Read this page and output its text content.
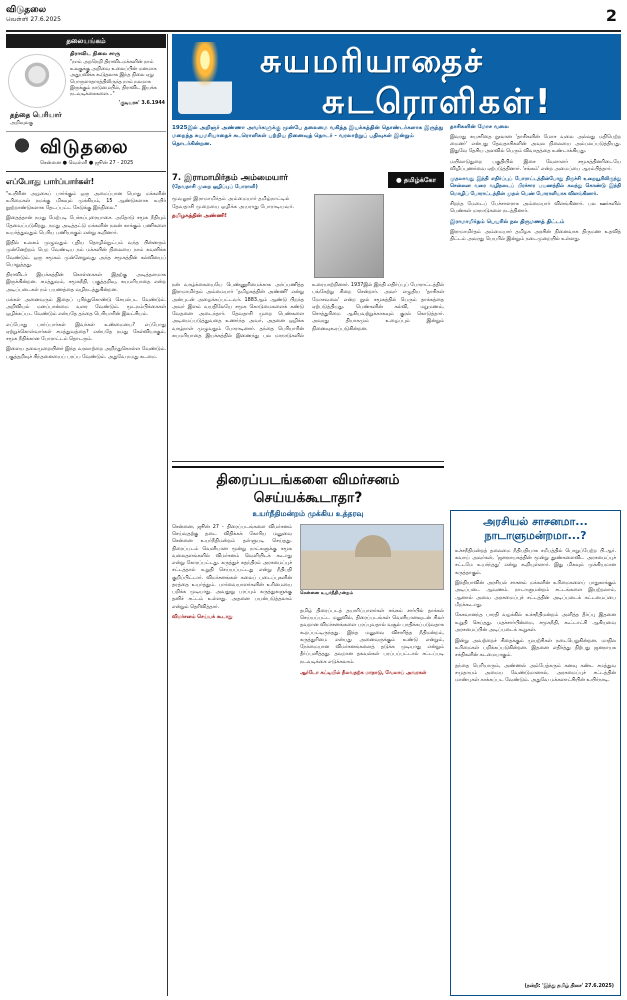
விடுதலை
வெள்ளி 27.6.2025	2
தலையங்கம்
திராவிட நிலை சாரு
"நாம் அறநெறி திராவிடமக்களின் நாம் உலகுக்கு அறிவை உலைப்பின் மனமாக அதுபவிக்க கூடுதலாக இந்த நிலை ஏறு பொருளாதாரத்திலிருந்த நாம் நலமாக இருக்கும் நாடுமையில், திராவிட இயக்க நடவடிக்கைகளை..."
'குடியரசு' 3.6.1944
தந்தை பெரியார்
அறிவுலகு
விடுதலை
சென்னை ● வெள்ளி ● ஜூன் 27 - 2025
எப்போது பார்ப்பார்கள்!

"உயிரின அழகைப் பார்க்கும் ஒரு அமைப்பான பொது மக்களின் உரிமைகள் நமக்கு மிகவும் முக்கியம், 15 ஆண்டுகளாக உயிர் நூற்றாண்டுகளாக தேடப்பட்ட கேடுக்கு இந்நிலை."

இதைத்தான் நமது மேற்படி பேச்சுப்புரையாசை. அதோடு சமூக நீதியும் தேவைப்படுகிறது. நமது அடித்தட்டு மக்களின் நலன் காக்கும் பணிகளை உயர்த்துவதும் பெரிய பணியாகும் என்று கூறினார்.

இதில் உலகம் முழுவதும் புதிய தொழில்நுட்பம் வந்த பின்னரும் முன்னேற்றம் பெற வேண்டிய நம் மக்களின் நிலையை நாம் கவனிக்க வேண்டும். ஒரு சமூகம் முன்னேறுவது அந்த சமூகத்தின் கல்வியைப் பொறுத்தது.

திராவிடர் இயக்கத்தின் கொள்கைகள் இதற்கு அடித்தளமாக இருக்கின்றன. சமத்துவம், சமூகநீதி, பகுத்தறிவு, சுயமரியாதை என்ற அடிப்படைகள் நம் பயணத்தை வழிநடத்துகின்றன.

மக்கள் அனைவரும் இதைப் புரிந்துகொண்டு செயல்பட வேண்டும். அறிவியல் மனப்பான்மை வளர வேண்டும். மூடநம்பிக்கைகள் ஒழிக்கப்பட வேண்டும் என்பதே தந்தை பெரியாரின் இலட்சியம்.

எப்போது பார்ப்பார்கள் இவர்கள் உண்மையை? எப்போது ஏற்றுக்கொள்வார்கள் சமத்துவத்தை? என்பதே நமது கேள்வியாகும். சமூக நீதிக்கான போராட்டம் தொடரும்.

இளைய தலைமுறையினர் இந்த வரலாற்றை அறிந்துகொள்ள வேண்டும். பகுத்தறிவுச் சிந்தனையைப் பரப்ப வேண்டும். அதுவே நமது கடமை.

சுயமரியாதைச்
சுடரொளிகள்!
1925இல் அறிஞர் அண்ணா அவர்களுக்கு முன்பே தலைமை வகித்த இயக்கத்தின் தொண்டர்களாக இருந்து மறைந்த சுயமரியாதைச் சுடரொளிகள் பற்றிய நினைவுத் தொடர் - வரலாற்றுப் பதிவுகள் இன்றும் தொடர்கின்றன.
7. இராமாமிர்தம் அம்மையார்
(தேவதாசி முறை ஒழிப்புப் போராளி)
● தமிழ்க்கோ
மூவலூர் இராமாமிர்தம் அம்மையார் தமிழ்நாட்டில் தேவதாசி முறையை ஒழிக்க அயராது போராடியவர்.
தமிழகத்தின் அண்ணி!
நன் வாழ்க்கையையே பெண்ணுரிமைக்காக அர்ப்பணித்த இராமாமிர்தம் அம்மையார் 'தமிழகத்தின் அண்ணி' என்று அன்புடன் அழைக்கப்பட்டவர். 1883ஆம் ஆண்டு பிறந்த அவர் இளம் வயதிலேயே சமூக கொடுமைகளைக் கண்டு வேதனை அடைந்தார். தேவதாசி முறை பெண்களை அடிமைப்படுத்துவதை உணர்ந்த அவர், அதனை ஒழிக்க வாழ்நாள் முழுவதும் போராடினார். தந்தை பெரியாரின் சுயமரியாதை இயக்கத்தில் இணைந்து பல மாநாடுகளில் உரையாற்றினார். 1937இல் இந்தி எதிர்ப்புப் போராட்டத்தில் பங்கேற்று சிறை சென்றார். அவர் எழுதிய 'தாசிகள் மோசவலை' என்ற நூல் சமூகத்தில் பெரும் தாக்கத்தை ஏற்படுத்தியது. பெண்களின் கல்வி, மறுமணம், சொத்துரிமை ஆகியவற்றுக்காகவும் குரல் கொடுத்தார். அவரது தியாகமும் உழைப்பும் இன்றும் நினைவுகூரப்படுகின்றன.
தாசிகளின் மோச வலை

இவரது சுயசரிதை நூலான 'தாசிகளின் மோச வலை அல்லது மதிபெற்ற மைனர்' என்பது தேவதாசிகளின் அவல நிலையை அம்பலப்படுத்தியது. இதுவே தேசிய அளவில் பெரும் விவாதத்தை உண்டாக்கியது.

மயிலாடுதுறை பகுதியில் இசை வேளாளர் சமூகத்தினரிடையே விழிப்புணர்வை ஏற்படுத்தினார். 'சங்கம்' என்ற அமைப்பை ஆரம்பித்தார்.

முதலாவது இந்தி எதிர்ப்புப் போராட்டத்தின்போது திருச்சி உறையூரிலிருந்து சென்னை வரை வழிநடைப் பிரச்சார பயணத்தில் கலந்து கொண்டு இந்தி மொழிப் போராட்டத்தின் முதல் பெண் போராளியாக விளங்கினார்.

சிறந்த மேடைப் பேச்சாளராக அம்மையார் விளங்கினார். பல ஊர்களில் பெண்கள் மாநாடுகளை நடத்தினார்.

இராமாமிர்தம் பெயரில் நல திருமணத் திட்டம்

இராமாமிர்தம் அம்மையார் தமிழக அரசின் நினைவாக திருமண உதவித் திட்டம் அவரது பெயரில் இன்றும் நடைமுறையில் உள்ளது.

திரைப்படங்களை விமர்சனம் செய்யக்கூடாதா?
உயர்நீதிமன்றம் முக்கிய உத்தரவு

சென்னை, ஜூன் 27 - திரைப்படங்களை விமர்சனம் செய்வதற்கு தடை விதிக்கக் கோரிய மனுவை சென்னை உயர்நீதிமன்றம் தள்ளுபடி செய்தது. திரைப்படம் வெளியான மூன்று நாட்களுக்கு சமூக வலைதளங்களில் விமர்சனம் வெளியிடக் கூடாது என்று கோரப்பட்டது. கருத்துச் சுதந்திரம் அரசமைப்புச் சட்டத்தால் உறுதி செய்யப்பட்டது என்று நீதிபதி குறிப்பிட்டார். விமர்சனங்கள் கலைப் படைப்புகளின் தரத்தை உயர்த்தும். பார்வையாளர்களின் உரிமையை பறிக்க முடியாது. அவதூறு பரப்பும் கருத்துகளுக்கு தனிச் சட்டம் உள்ளது. அதனை பயன்படுத்தலாம் என்றும் தெரிவித்தார்.

விமர்சனம் செய்யக் கூடாது

சென்னை உயர்நீதிமன்றம்

தமிழ் திரைப்படத் தயாரிப்பாளர்கள் சங்கம் சார்பில் தாக்கல் செய்யப்பட்ட மனுவில், திரைப்படங்கள் வெளியானவுடன் சிலர் தவறான விமர்சனங்களை பரப்புவதால் வசூல் பாதிக்கப்படுவதாக கூறப்பட்டிருந்தது. இந்த மனுவை விசாரித்த நீதிமன்றம், கருத்துரிமை என்பது அனைவருக்கும் உண்டு என்றும், நேர்மையான விமர்சனங்களைத் தடுக்க முடியாது என்றும் தீர்ப்பளித்தது. தவறான தகவல்கள் பரப்பப்பட்டால் சட்டப்படி நடவடிக்கை எடுக்கலாம்.

ஆர்டோ கட்டியில் நீலவதற்க மாநாடு, வேலாய் அவரகள்

அரசியல் சாசனமா... நாடாளுமன்றமா...?

உச்சநீதிமன்றத் தலைமை நீதிபதியாக சமீபத்தில் பொறுப்பேற்ற பி.ஆர். கவாய் அவர்கள், 'ஜனநாயகத்தின் மூன்று தூண்களைவிட அரசமைப்புச் சட்டமே உயர்ந்தது' என்று கூறியுள்ளார். இது மிகவும் முக்கியமான கருத்தாகும்.

இந்தியாவின் அரசியல் சாசனம் மக்களின் உரிமைகளைப் பாதுகாக்கும் அடிப்படை ஆவணம். நாடாளுமன்றம் சட்டங்களை இயற்றலாம், ஆனால் அவை அரசமைப்புச் சட்டத்தின் அடிப்படைக் கட்டமைப்பை மீறக்கூடாது.

கேசவானந்த பாரதி வழக்கில் உச்சநீதிமன்றம் அளித்த தீர்ப்பு இதனை உறுதி செய்தது. மதச்சார்பின்மை, சமூகநீதி, கூட்டாட்சி ஆகியவை அரசமைப்பின் அடிப்படைக் கூறுகள்.

இன்று அவற்றைச் சிதைக்கும் முயற்சிகள் நடைபெறுகின்றன. மாநில உரிமைகள் பறிக்கப்படுகின்றன. இதனை எதிர்த்து நிற்பது ஜனநாயக சக்திகளின் கடமையாகும்.

தந்தை பெரியாரும், அண்ணல் அம்பேத்கரும் கனவு கண்ட சமத்துவ சமுதாயம் அமைய வேண்டுமானால், அரசமைப்புச் சட்டத்தின் மாண்புகள் காக்கப்பட வேண்டும். அதுவே மக்களாட்சியின் உயிர்நாடி.

(நன்றி: 'இந்து தமிழ் திசை' 27.6.2025)
